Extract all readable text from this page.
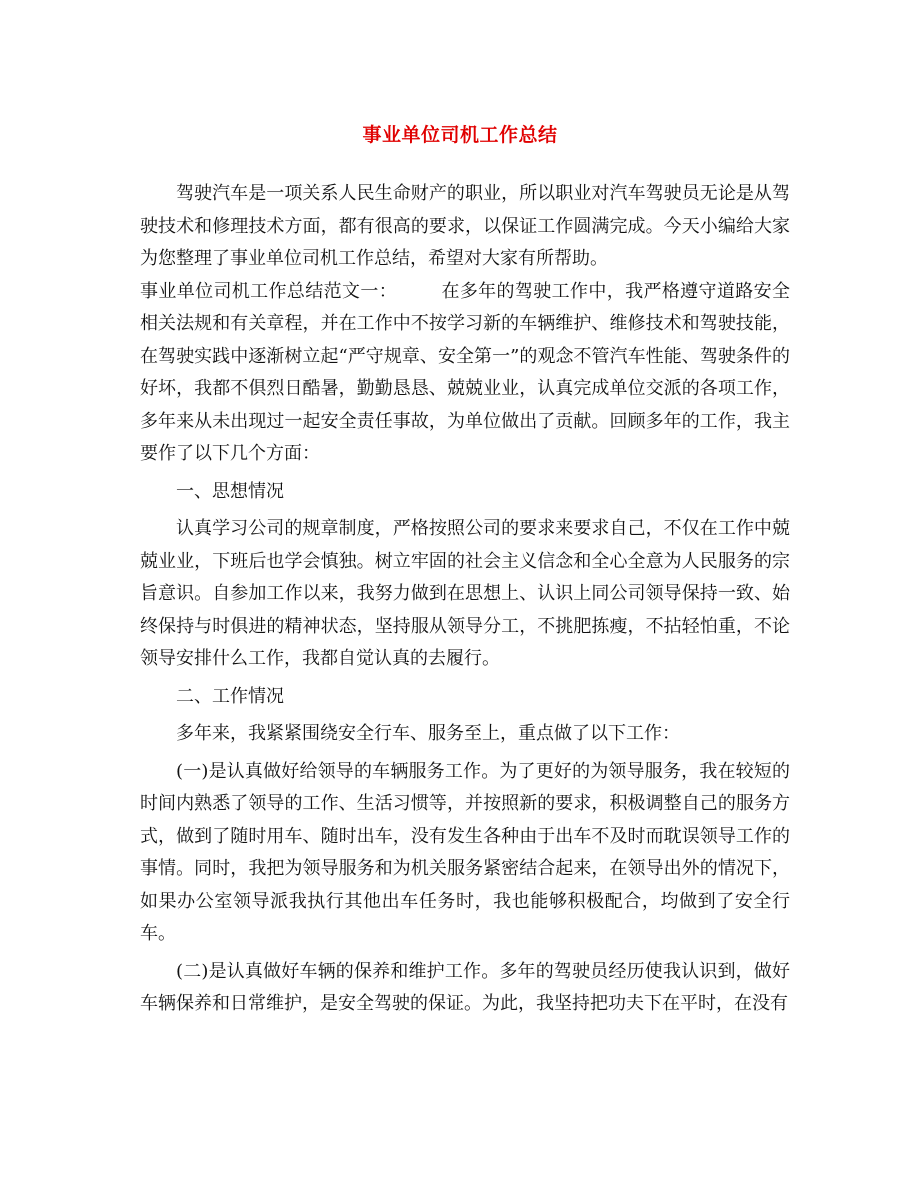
事业单位司机工作总结

驾驶汽车是一项关系人民生命财产的职业，所以职业对汽车驾驶员无论是从驾驶技术和修理技术方面，都有很高的要求，以保证工作圆满完成。今天小编给大家为您整理了事业单位司机工作总结，希望对大家有所帮助。

事业单位司机工作总结范文一： 在多年的驾驶工作中，我严格遵守道路安全相关法规和有关章程，并在工作中不按学习新的车辆维护、维修技术和驾驶技能，在驾驶实践中逐渐树立起“严守规章、安全第一”的观念不管汽车性能、驾驶条件的好坏，我都不俱烈日酷暑，勤勤恳恳、兢兢业业，认真完成单位交派的各项工作，多年来从未出现过一起安全责任事故，为单位做出了贡献。回顾多年的工作，我主要作了以下几个方面：

一、思想情况

认真学习公司的规章制度，严格按照公司的要求来要求自己，不仅在工作中兢兢业业，下班后也学会慎独。树立牢固的社会主义信念和全心全意为人民服务的宗旨意识。自参加工作以来，我努力做到在思想上、认识上同公司领导保持一致、始终保持与时俱进的精神状态，坚持服从领导分工，不挑肥拣瘦，不拈轻怕重，不论领导安排什么工作，我都自觉认真的去履行。

二、工作情况

多年来，我紧紧围绕安全行车、服务至上，重点做了以下工作：

(一)是认真做好给领导的车辆服务工作。为了更好的为领导服务，我在较短的时间内熟悉了领导的工作、生活习惯等，并按照新的要求，积极调整自己的服务方式，做到了随时用车、随时出车，没有发生各种由于出车不及时而耽误领导工作的事情。同时，我把为领导服务和为机关服务紧密结合起来，在领导出外的情况下，如果办公室领导派我执行其他出车任务时，我也能够积极配合，均做到了安全行车。

(二)是认真做好车辆的保养和维护工作。多年的驾驶员经历使我认识到，做好车辆保养和日常维护，是安全驾驶的保证。为此，我坚持把功夫下在平时，在没有
